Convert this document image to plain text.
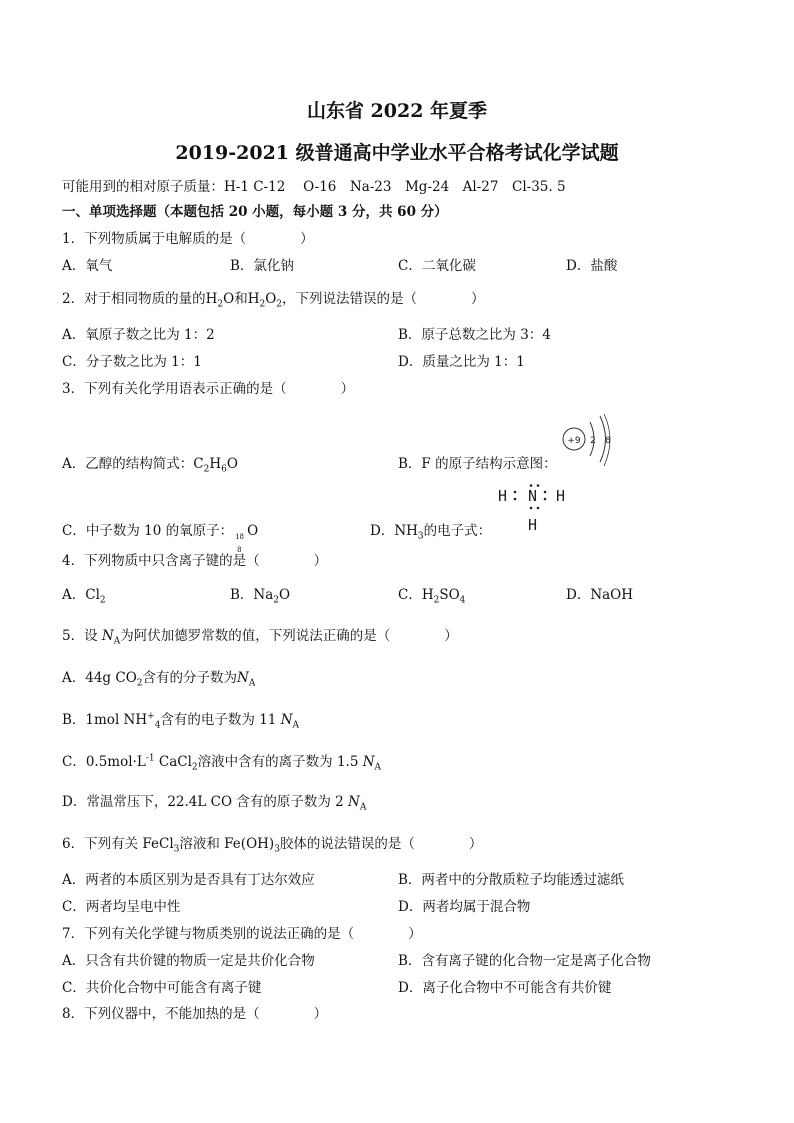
山东省 2022 年夏季
2019-2021 级普通高中学业水平合格考试化学试题
可能用到的相对原子质量：H-1 C-12　 O-16　Na-23　Mg-24　Al-27　Cl-35. 5
一、单项选择题（本题包括 20 小题，每小题 3 分，共 60 分）
1．下列物质属于电解质的是（　　　　）
A．氧气	B．氯化钠	C．二氧化碳	D．盐酸
2．对于相同物质的量的$H_2O$和$H_2O_2$，下列说法错误的是（　　　　）
A．氧原子数之比为 1：2	B．原子总数之比为 3：4
C．分子数之比为 1：1	D．质量之比为 1：1
3．下列有关化学用语表示正确的是（　　　　）
A．乙醇的结构简式：$C_2H_6O$	B．F 的原子结构示意图：
+9 2 8
C．中子数为 10 的氧原子： 18
8
O	D．$NH_3$的电子式：
H N H
H
4．下列物质中只含离子键的是（　　　　）
A．$Cl_2$	B．$Na_2O$	C．$H_2SO_4$	D．NaOH
5．设 $N_A$为阿伏加德罗常数的值，下列说法正确的是（　　　　）
A．44g $CO_2$含有的分子数为$N_A$
B．1mol $NH^+_4$含有的电子数为 11 $N_A$
C．$0.5mol\cdot L^{-1}$ CaCl$_2$溶液中含有的离子数为 1.5 $N_A$
D．常温常压下，22.4L CO 含有的原子数为 2 $N_A$
6．下列有关 FeCl$_3$溶液和 $Fe(OH)_3$胶体的说法错误的是（　　　　）
A．两者的本质区别为是否具有丁达尔效应	B．两者中的分散质粒子均能透过滤纸
C．两者均呈电中性	D．两者均属于混合物
7．下列有关化学键与物质类别的说法正确的是（　　　　）
A．只含有共价键的物质一定是共价化合物	B．含有离子键的化合物一定是离子化合物
C．共价化合物中可能含有离子键	D．离子化合物中不可能含有共价键
8．下列仪器中，不能加热的是（　　　　）
